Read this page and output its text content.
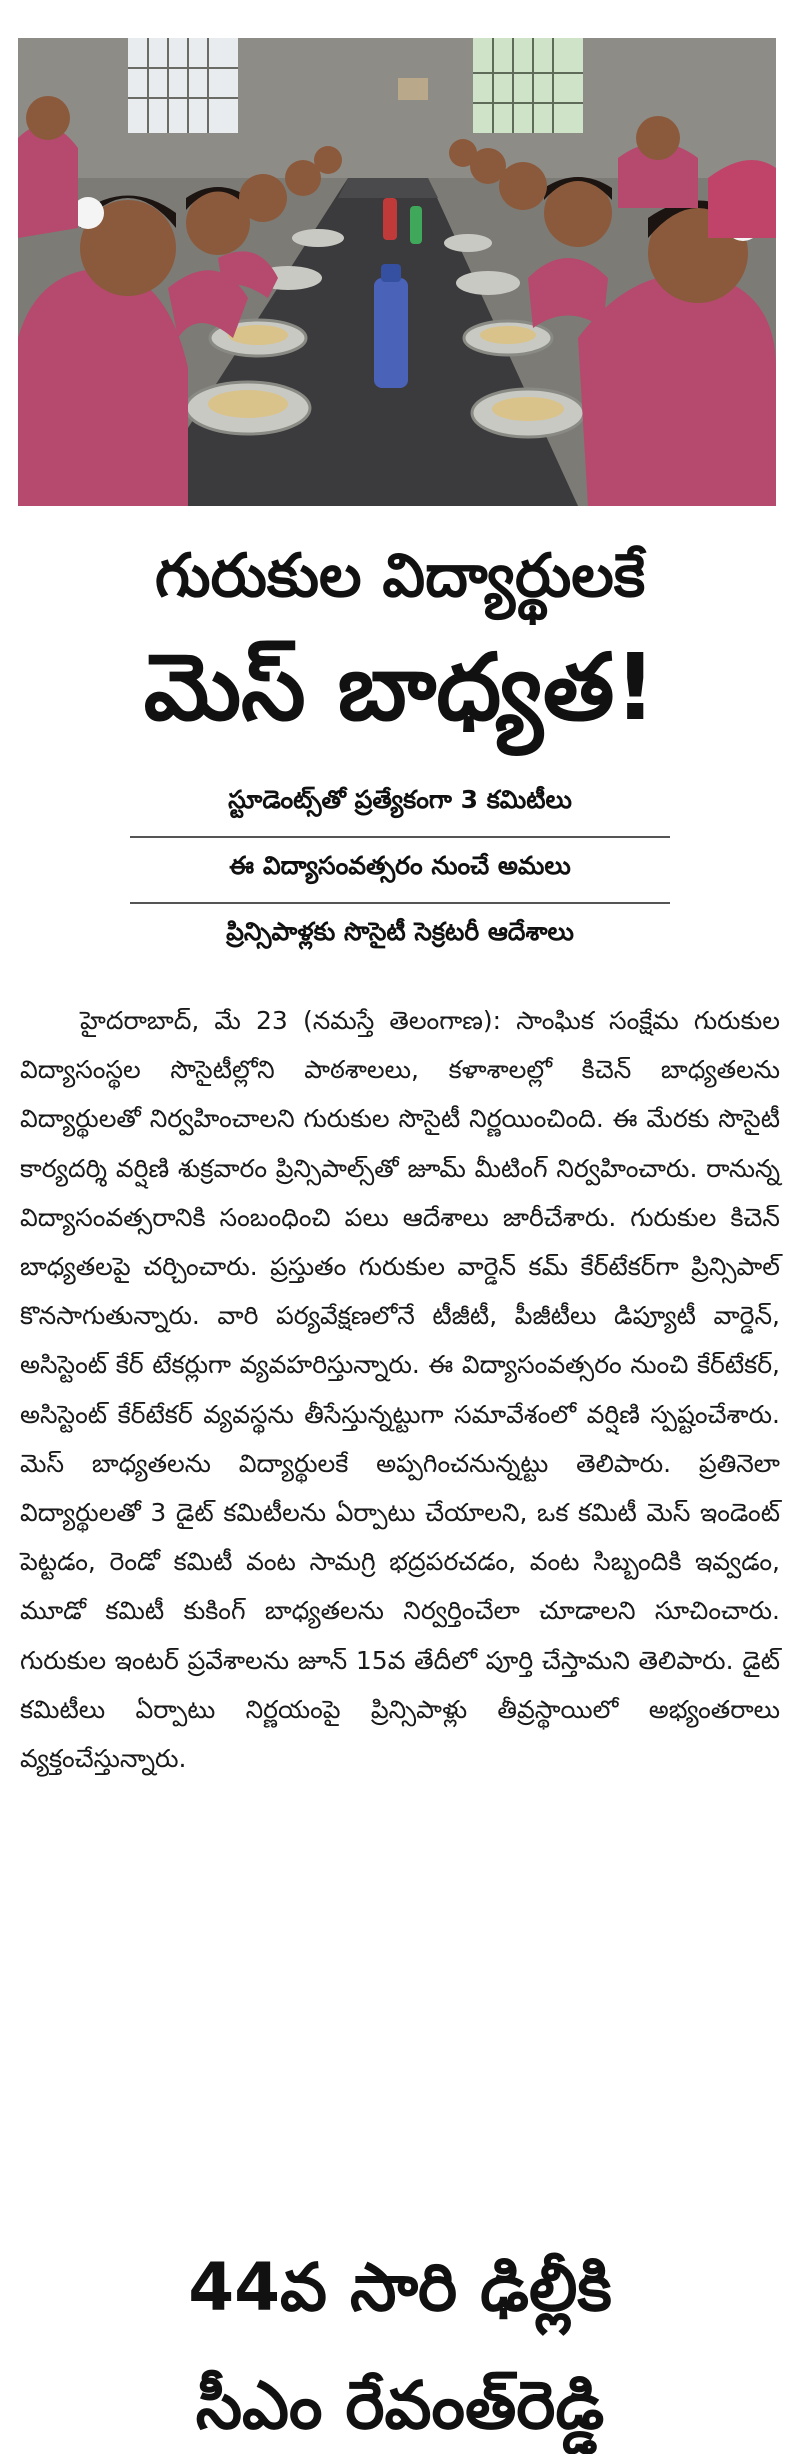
గురుకుల విద్యార్థులకే
మెస్‌ బాధ్యత!
స్టూడెంట్స్‌తో ప్రత్యేకంగా 3 కమిటీలు
ఈ విద్యాసంవత్సరం నుంచే అమలు
ప్రిన్సిపాళ్లకు సొసైటీ సెక్రటరీ ఆదేశాలు

హైదరాబాద్‌, మే 23 (నమస్తే తెలంగాణ): సాంఘిక సంక్షేమ గురుకుల విద్యాసంస్థల సొసైటీల్లోని పాఠశాలలు, కళాశాలల్లో కిచెన్‌ బాధ్యతలను విద్యార్థులతో నిర్వహించాలని గురుకుల సొసైటీ నిర్ణయించింది. ఈ మేరకు సొసైటీ కార్యదర్శి వర్షిణి శుక్రవారం ప్రిన్సిపాల్స్‌తో జూమ్‌ మీటింగ్‌ నిర్వహించారు. రానున్న విద్యాసంవత్సరానికి సంబంధించి పలు ఆదేశాలు జారీచేశారు. గురుకుల కిచెన్‌ బాధ్యతలపై చర్చించారు. ప్రస్తుతం గురుకుల వార్డెన్‌ కమ్‌ కేర్‌టేకర్‌గా ప్రిన్సిపాల్‌ కొనసాగుతున్నారు. వారి పర్యవేక్షణలోనే టీజీటీ, పీజీటీలు డిప్యూటీ వార్డెన్‌, అసిస్టెంట్‌ కేర్‌ టేకర్లుగా వ్యవహరిస్తున్నారు. ఈ విద్యాసంవత్సరం నుంచి కేర్‌టేకర్‌, అసిస్టెంట్‌ కేర్‌టేకర్‌ వ్యవస్థను తీసేస్తున్నట్టుగా సమావేశంలో వర్షిణి స్పష్టంచేశారు. మెస్‌ బాధ్యతలను విద్యార్థులకే అప్పగించనున్నట్టు తెలిపారు. ప్రతినెలా విద్యార్థులతో 3 డైట్‌ కమిటీలను ఏర్పాటు చేయాలని, ఒక కమిటీ మెస్‌ ఇండెంట్‌ పెట్టడం, రెండో కమిటీ వంట సామగ్రి భద్రపరచడం, వంట సిబ్బందికి ఇవ్వడం, మూడో కమిటీ కుకింగ్‌ బాధ్యతలను నిర్వర్తించేలా చూడాలని సూచించారు. గురుకుల ఇంటర్‌ ప్రవేశాలను జూన్‌ 15వ తేదీలో పూర్తి చేస్తామని తెలిపారు. డైట్‌ కమిటీలు ఏర్పాటు నిర్ణయంపై ప్రిన్సిపాళ్లు తీవ్రస్థాయిలో అభ్యంతరాలు వ్యక్తంచేస్తున్నారు.

44వ సారి ఢిల్లీకి
సీఎం రేవంత్‌రెడ్డి
